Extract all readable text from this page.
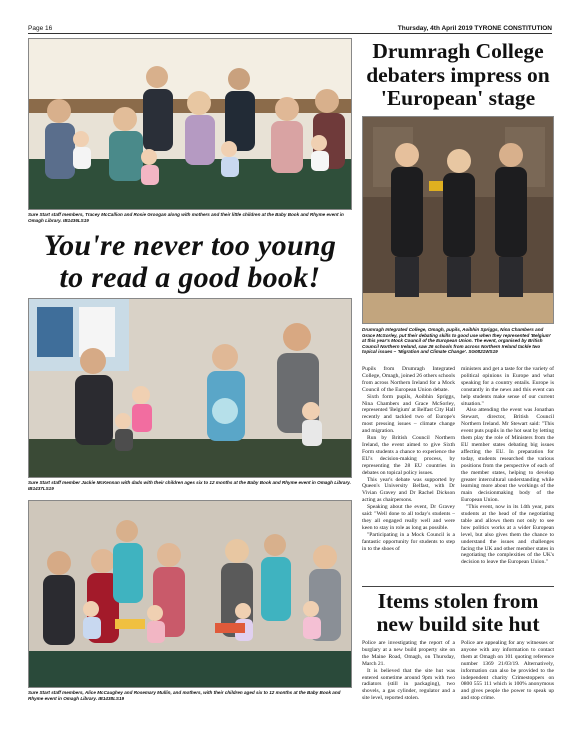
Page 16	Thursday, 4th April 2019 TYRONE CONSTITUTION
Sure Start staff members, Tracey McCallion and Rosie Groogan along with mothers and their little children at the Baby Book and Rhyme event in Omagh Library. IB1436LS19
You're never too young to read a good book!
Sure Start staff member Jackie McKennan with dads with their children ages six to 12 months at the Baby Book and Rhyme event in Omagh Library. IB1437LS19
Sure Start staff members, Alice McCaughey and Rosemary Mullin, and mothers, with their children aged six to 12 months at the Baby Book and Rhyme event in Omagh Library. IB1438LS19
Drumragh College debaters impress on 'European' stage
Drumragh Integrated College, Omagh, pupils, Aoibhin Spriggs, Nina Chambers and Grace McSorley, put their debating skills to good use when they represented 'Belgium' at this year's Mock Council of the European Union. The event, organised by British Council Northern Ireland, saw 26 schools from across Northern Ireland tackle two topical issues – 'Migration and Climate Change'. SG0821WS19

Pupils from Drumragh Integrated College, Omagh, joined 26 others schools from across Northern Ireland for a Mock Council of the European Union debate.

Sixth form pupils, Aoibhin Spriggs, Nina Chambers and Grace McSorley, represented 'Belgium' at Belfast City Hall recently and tackled two of Europe's most pressing issues – climate change and migration.

Run by British Council Northern Ireland, the event aimed to give Sixth Form students a chance to experience the EU's decision-making process, by representing the 28 EU countries in debates on topical policy issues.

This year's debate was supported by Queen's University Belfast, with Dr Vivian Gravey and Dr Rachel Dickson acting as chairpersons.

Speaking about the event, Dr Gravey said: "Well done to all today's students – they all engaged really well and were keen to stay in role as long as possible.

"Participating in a Mock Council is a fantastic opportunity for students to step in to the shoes of

ministers and get a taste for the variety of political opinions in Europe and what speaking for a country entails. Europe is constantly in the news and this event can help students make sense of our current situation."

Also attending the event was Jonathan Stewart, director, British Council Northern Ireland. Mr Stewart said: "This event puts pupils in the hot seat by letting them play the role of Ministers from the EU member states debating big issues affecting the EU. In preparation for today, students researched the various positions from the perspective of each of the member states, helping to develop greater intercultural understanding while learning more about the workings of the main decisionmaking body of the European Union.

"This event, now in its 14th year, puts students at the head of the negotiating table and allows them not only to see how politics works at a wider European level, but also gives them the chance to understand the issues and challenges facing the UK and other member states in negotiating the complexities of the UK's decision to leave the European Union."

Items stolen from new build site hut

Police are investigating the report of a burglary at a new build property site on the Maine Road, Omagh, on Thursday, March 21.

It is believed that the site hut was entered sometime around 9pm with two radiators (still in packaging), two shovels, a gas cylinder, regulator and a site level, reported stolen.

Police are appealing for any witnesses or anyone with any information to contact them at Omagh on 101 quoting reference number 1369 21/03/19. Alternatively, information can also be provided to the independent charity Crimestoppers on 0800 555 111 which is 100% anonymous and gives people the power to speak up and stop crime.
